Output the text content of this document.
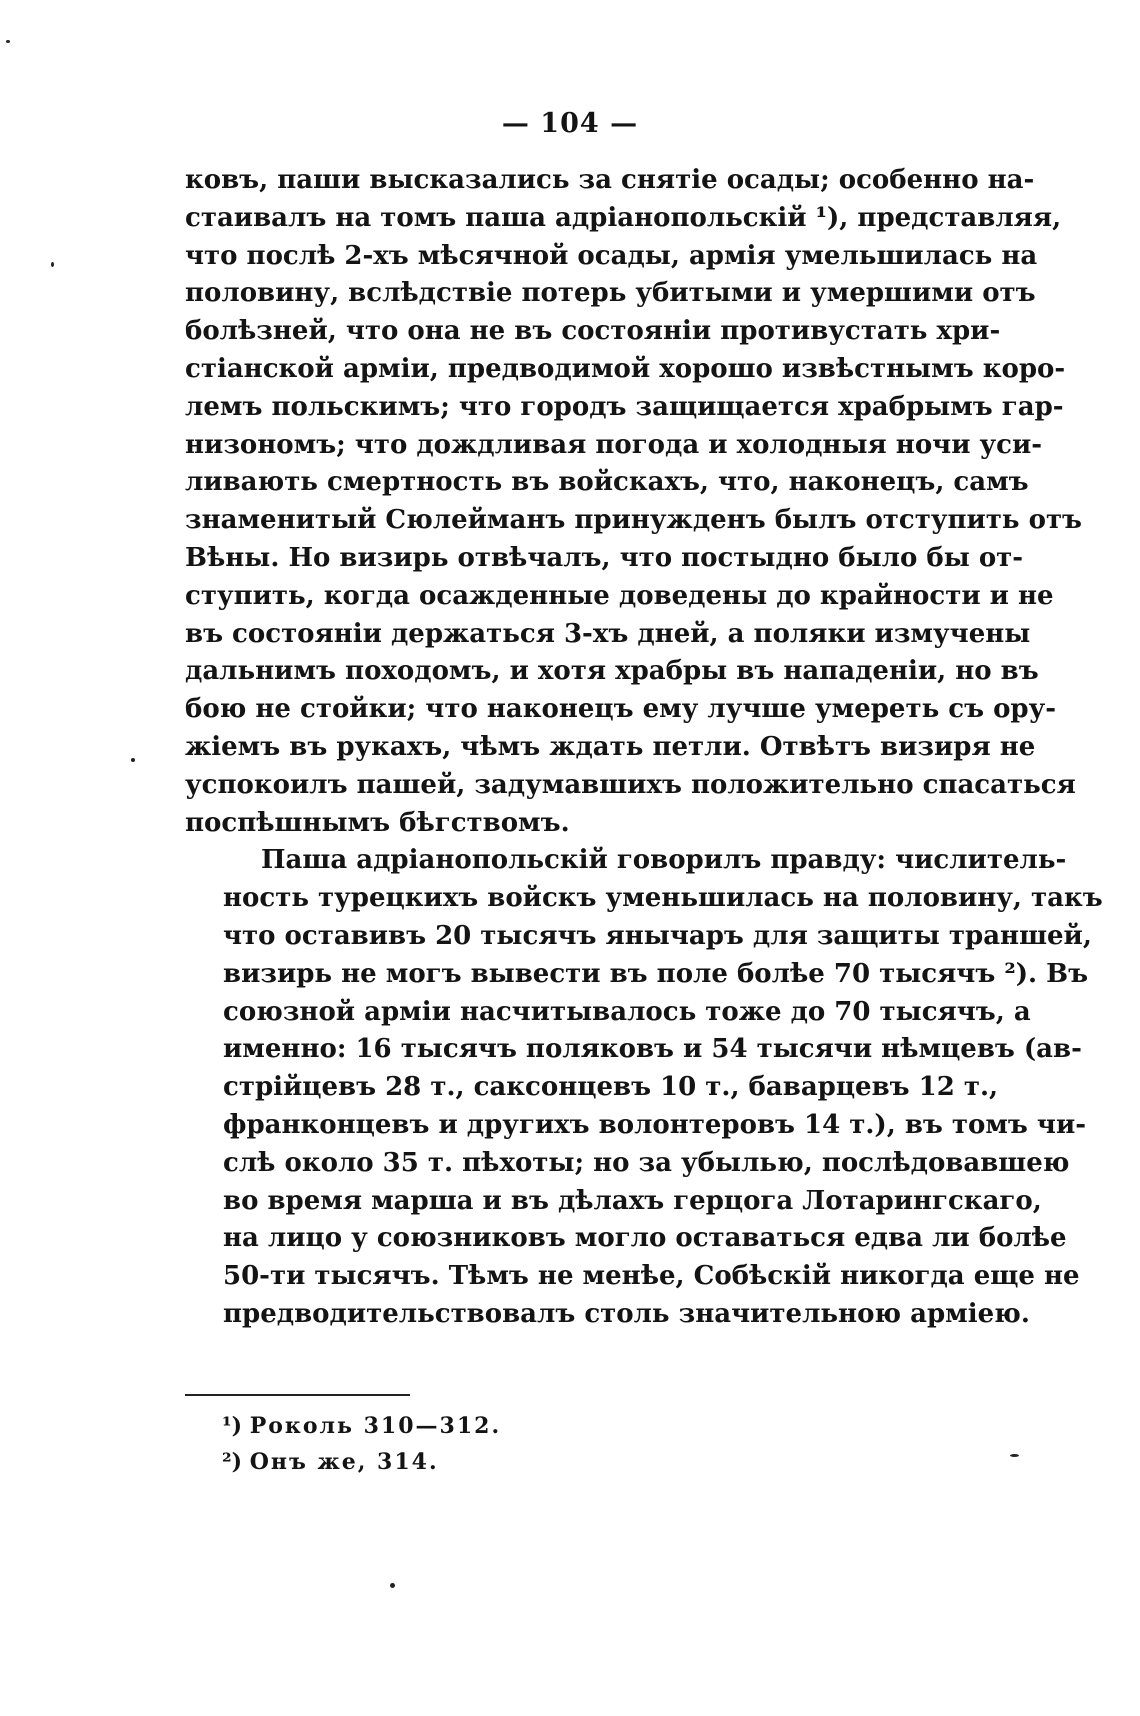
— 104 —

ковъ, паши высказались за снятіе осады; особенно на-
стаивалъ на томъ паша адріанопольскій ¹), представляя,
что послѣ 2-хъ мѣсячной осады, армія умельшилась на
половину, вслѣдствіе потерь убитыми и умершими отъ
болѣзней, что она не въ состояніи противустать хри-
стіанской арміи, предводимой хорошо извѣстнымъ коро-
лемъ польскимъ; что городъ защищается храбрымъ гар-
низономъ; что дождливая погода и холодныя ночи уси-
ливають смертность въ войскахъ, что, наконецъ, самъ
знаменитый Сюлейманъ принужденъ былъ отступить отъ
Вѣны. Но визирь отвѣчалъ, что постыдно было бы от-
ступить, когда осажденные доведены до крайности и не
въ состояніи держаться 3-хъ дней, а поляки измучены
дальнимъ походомъ, и хотя храбры въ нападеніи, но въ
бою не стойки; что наконецъ ему лучше умереть съ ору-
жіемъ въ рукахъ, чѣмъ ждать петли. Отвѣтъ визиря не
успокоилъ пашей, задумавшихъ положительно спасаться
поспѣшнымъ бѣгствомъ.

Паша адріанопольскій говорилъ правду: числитель-
ность турецкихъ войскъ уменьшилась на половину, такъ
что оставивъ 20 тысячъ янычаръ для защиты траншей,
визирь не могъ вывести въ поле болѣе 70 тысячъ ²). Въ
союзной арміи насчитывалось тоже до 70 тысячъ, а
именно: 16 тысячъ поляковъ и 54 тысячи нѣмцевъ (ав-
стрійцевъ 28 т., саксонцевъ 10 т., баварцевъ 12 т.,
франконцевъ и другихъ волонтеровъ 14 т.), въ томъ чи-
слѣ около 35 т. пѣхоты; но за убылью, послѣдовавшею
во время марша и въ дѣлахъ герцога Лотарингскаго,
на лицо у союзниковъ могло оставаться едва ли болѣе
50-ти тысячъ. Тѣмъ не менѣе, Собѣскій никогда еще не
предводительствовалъ столь значительною арміею.

¹) Роколь 310—312.
²) Онъ же, 314.
